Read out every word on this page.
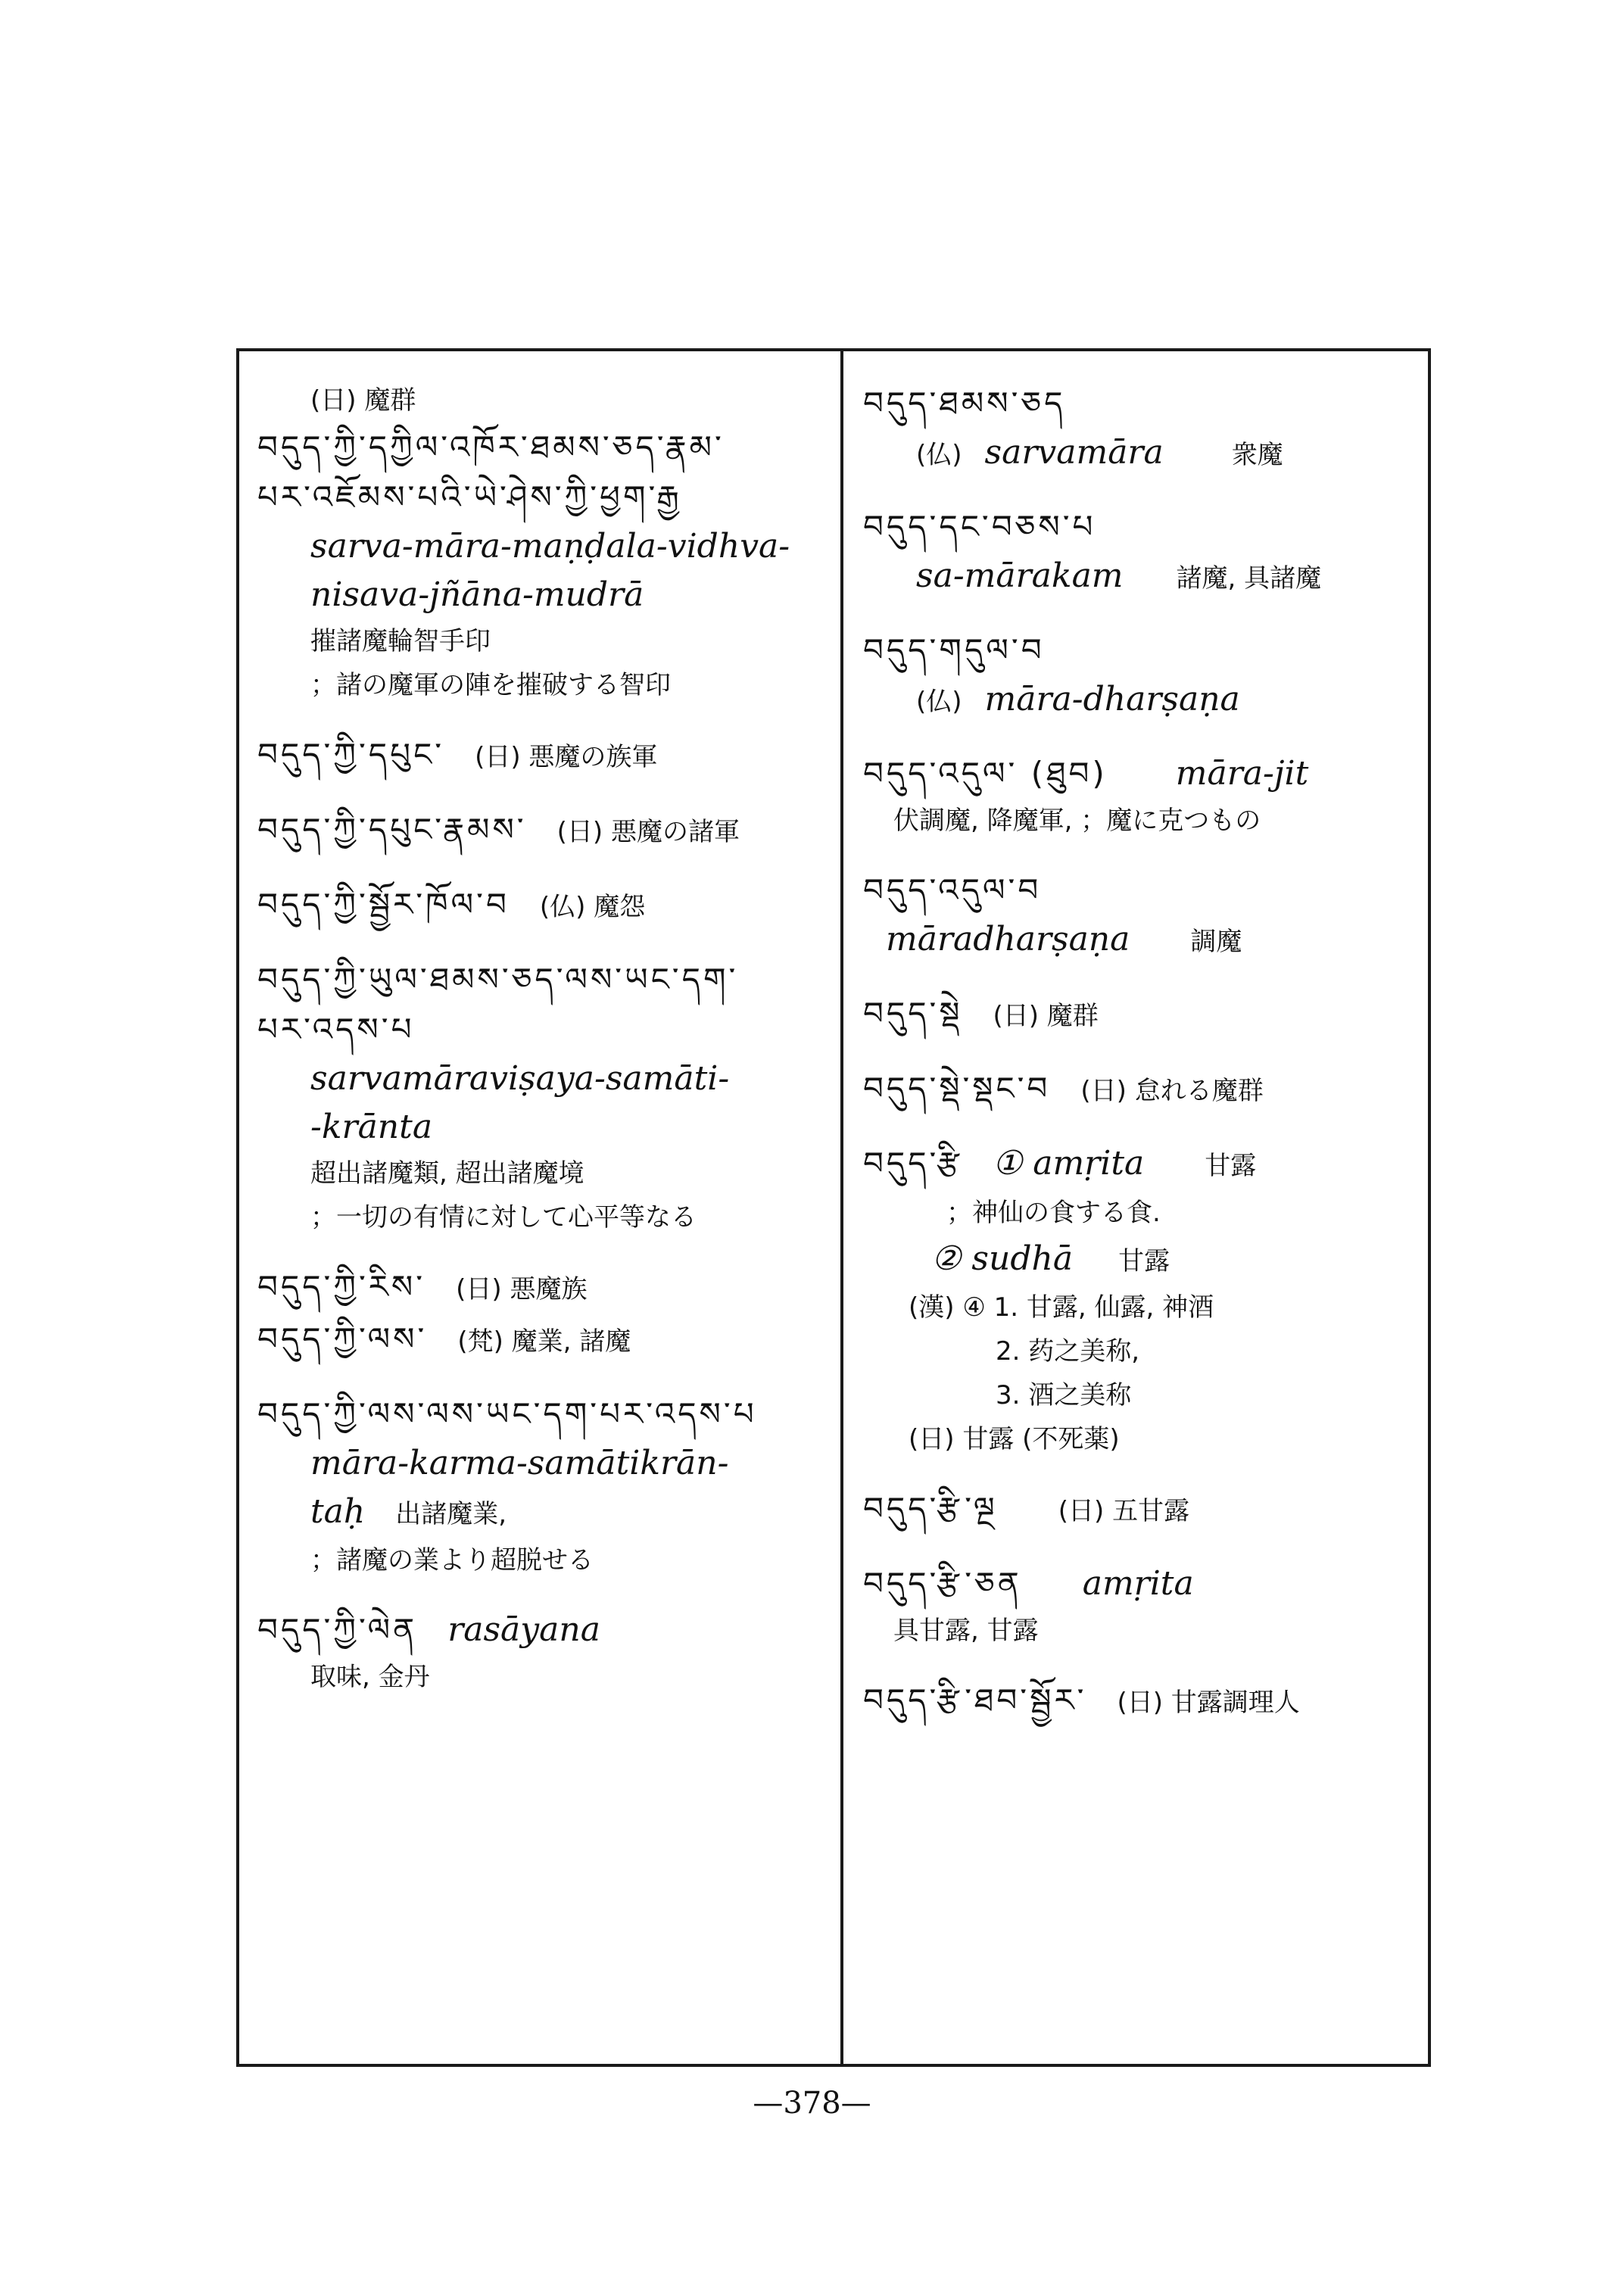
(日) 魔群
བདུད་ཀྱི་དཀྱིལ་འཁོར་ཐམས་ཅད་རྣམ་
པར་འཇོམས་པའི་ཡེ་ཤེས་ཀྱི་ཕྱག་རྒྱ
sarva-māra-maṇḍala-vidhva-
nisava-jñāna-mudrā
摧諸魔輪智手印
；諸の魔軍の陣を摧破する智印
བདུད་ཀྱི་དཔུང་ (日) 悪魔の族軍
བདུད་ཀྱི་དཔུང་རྣམས་ (日) 悪魔の諸軍
བདུད་ཀྱི་སྦྱོར་ཁོལ་བ (仏) 魔怨
བདུད་ཀྱི་ཡུལ་ཐམས་ཅད་ལས་ཡང་དག་
པར་འདས་པ
sarvamāraviṣaya-samāti-
-krānta
超出諸魔類, 超出諸魔境
；一切の有情に対して心平等なる
བདུད་ཀྱི་རིས་ (日) 悪魔族
བདུད་ཀྱི་ལས་ (梵) 魔業, 諸魔
བདུད་ཀྱི་ལས་ལས་ཡང་དག་པར་འདས་པ
māra-karma-samātikrān-
taḥ 出諸魔業,
；諸魔の業より超脱せる
བདུད་ཀྱི་ལེན rasāyana
取味, 金丹
བདུད་ཐམས་ཅད
(仏) sarvamāra	衆魔
བདུད་དང་བཅས་པ
sa-mārakam 諸魔, 具諸魔
བདུད་གདུལ་བ
(仏) māra-dharṣaṇa
བདུད་འདུལ་ (ཐུབ) māra-jit
伏調魔, 降魔軍, ；魔に克つもの
བདུད་འདུལ་བ
māradharṣaṇa 調魔
བདུད་སྡེ (日) 魔群
བདུད་སྡེ་སྡང་བ (日) 怠れる魔群
བདུད་རྩི ① amṛita 甘露
；神仙の食する食.
② sudhā 甘露
(漢) ④ 1. 甘露, 仙露, 神酒
2. 药之美称,
3. 酒之美称
(日) 甘露 (不死薬)
བདུད་རྩི་ལྔ (日) 五甘露
བདུད་རྩི་ཅན amṛita
具甘露, 甘露
བདུད་རྩི་ཐབ་སྦྱོར་ (日) 甘露調理人
—378—
